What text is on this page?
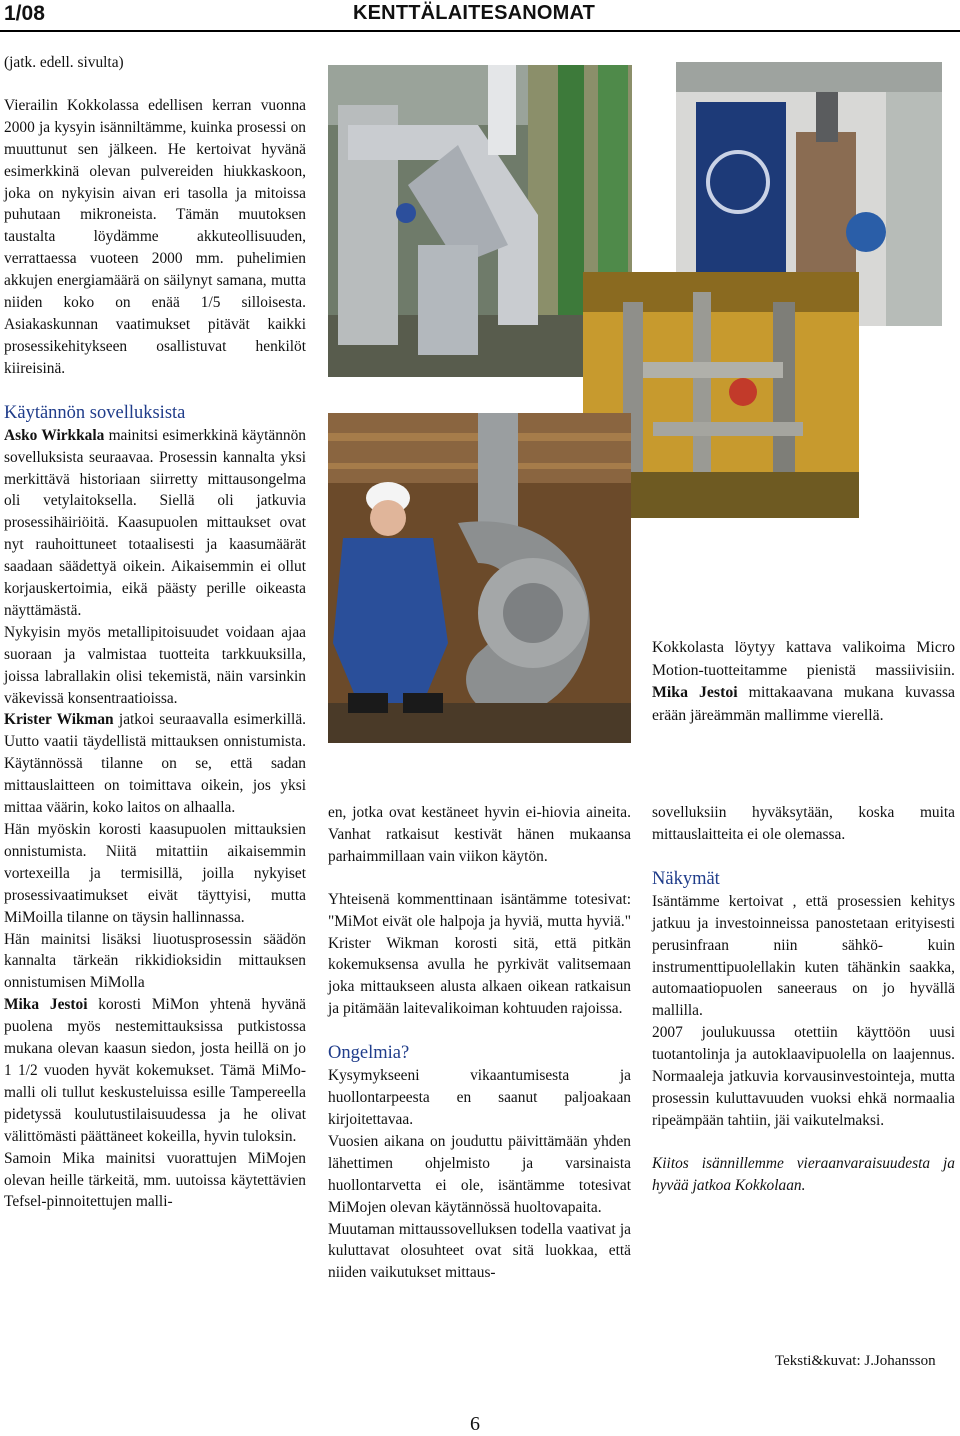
1/08	KENTTÄLAITESANOMAT

(jatk. edell. sivulta)

Vierailin Kokkolassa edellisen kerran vuonna 2000 ja kysyin isänniltämme, kuinka prosessi on muuttunut sen jälkeen. He kertoivat hyvänä esimerkkinä olevan pulvereiden hiukkaskoon, joka on nykyisin aivan eri tasolla ja mitoissa puhutaan mikroneista. Tämän muutoksen taustalta löydämme akkuteollisuuden, verrattaessa vuoteen 2000 mm. puhelimien akkujen energiamäärä on säilynyt samana, mutta niiden koko on enää 1/5 silloisesta. Asiakaskunnan vaatimukset pitävät kaikki prosessikehitykseen osallistuvat henkilöt kiireisinä.

Käytännön sovelluksista

Asko Wirkkala mainitsi esimerkkinä käytännön sovelluksista seuraavaa. Prosessin kannalta yksi merkittävä historiaan siirretty mittausongelma oli vetylaitoksella. Siellä oli jatkuvia prosessihäiriöitä. Kaasupuolen mittaukset ovat nyt rauhoittuneet totaalisesti ja kaasumäärät saadaan säädettyä oikein. Aikaisemmin ei ollut korjauskertoimia, eikä päästy perille oikeasta näyttämästä.

Nykyisin myös metallipitoisuudet voidaan ajaa suoraan ja valmistaa tuotteita tarkkuuksilla, joissa labrallakin olisi tekemistä, näin varsinkin väkevissä konsentraatioissa.

Krister Wikman jatkoi seuraavalla esimerkillä. Uutto vaatii täydellistä mittauksen onnistumista. Käytännössä tilanne on se, että sadan mittauslaitteen on toimittava oikein, jos yksi mittaa väärin, koko laitos on alhaalla.

Hän myöskin korosti kaasupuolen mittauksien onnistumista. Niitä mitattiin aikaisemmin vortexeilla ja termisillä, joilla nykyiset prosessivaatimukset eivät täyttyisi, mutta MiMoilla tilanne on täysin hallinnassa.

Hän mainitsi lisäksi liuotusprosessin säädön kannalta tärkeän rikkidioksidin mittauksen onnistumisen MiMolla

Mika Jestoi korosti MiMon yhtenä hyvänä puolena myös nestemittauksissa putkistossa mukana olevan kaasun siedon, josta heillä on jo 1 1/2 vuoden hyvät kokemukset. Tämä MiMo-malli oli tullut keskusteluissa esille Tampereella pidetyssä koulutustilaisuudessa ja he olivat välittömästi päättäneet kokeilla, hyvin tuloksin.

Samoin Mika mainitsi vuorattujen MiMojen olevan heille tärkeitä, mm. uutoissa käytettävien Tefsel-pinnoitettujen malli-

en, jotka ovat kestäneet hyvin ei-hiovia aineita. Vanhat ratkaisut kestivät hänen mukaansa parhaimmillaan vain viikon käytön.

Yhteisenä kommenttinaan isäntämme totesivat: "MiMot eivät ole halpoja ja hyviä, mutta hyviä." Krister Wikman korosti sitä, että pitkän kokemuksensa avulla he pyrkivät valitsemaan joka mittaukseen alusta alkaen oikean ratkaisun ja pitämään laitevalikoiman kohtuuden rajoissa.

Ongelmia?

Kysymykseeni vikaantumisesta ja huollontarpeesta en saanut paljoakaan kirjoitettavaa.

Vuosien aikana on jouduttu päivittämään yhden lähettimen ohjelmisto ja varsinaista huollontarvetta ei ole, isäntämme totesivat MiMojen olevan käytännössä huoltovapaita.

Muutaman mittaussovelluksen todella vaativat ja kuluttavat olosuhteet ovat sitä luokkaa, että niiden vaikutukset mittaus-

Kokkolasta löytyy kattava valikoima Micro Motion-tuotteitamme pienistä massiivisiin. Mika Jestoi mittakaavana mukana kuvassa erään järeämmän mallimme vierellä.

sovelluksiin hyväksytään, koska muita mittauslaitteita ei ole olemassa.

Näkymät

Isäntämme kertoivat , että prosessien kehitys jatkuu ja investoinneissa panostetaan erityisesti perusinfraan niin sähkö- kuin instrumenttipuolellakin kuten tähänkin saakka, automaatiopuolen saneeraus on jo hyvällä mallilla.

2007 joulukuussa otettiin käyttöön uusi tuotantolinja ja autoklaavipuolella on laajennus. Normaaleja jatkuvia korvausinvestointeja, mutta prosessin kuluttavuuden vuoksi ehkä normaalia ripeämpään tahtiin, jäi vaikutelmaksi.

Kiitos isännillemme vieraanvaraisuudesta ja hyvää jatkoa Kokkolaan.

Teksti&kuvat: J.Johansson
6
